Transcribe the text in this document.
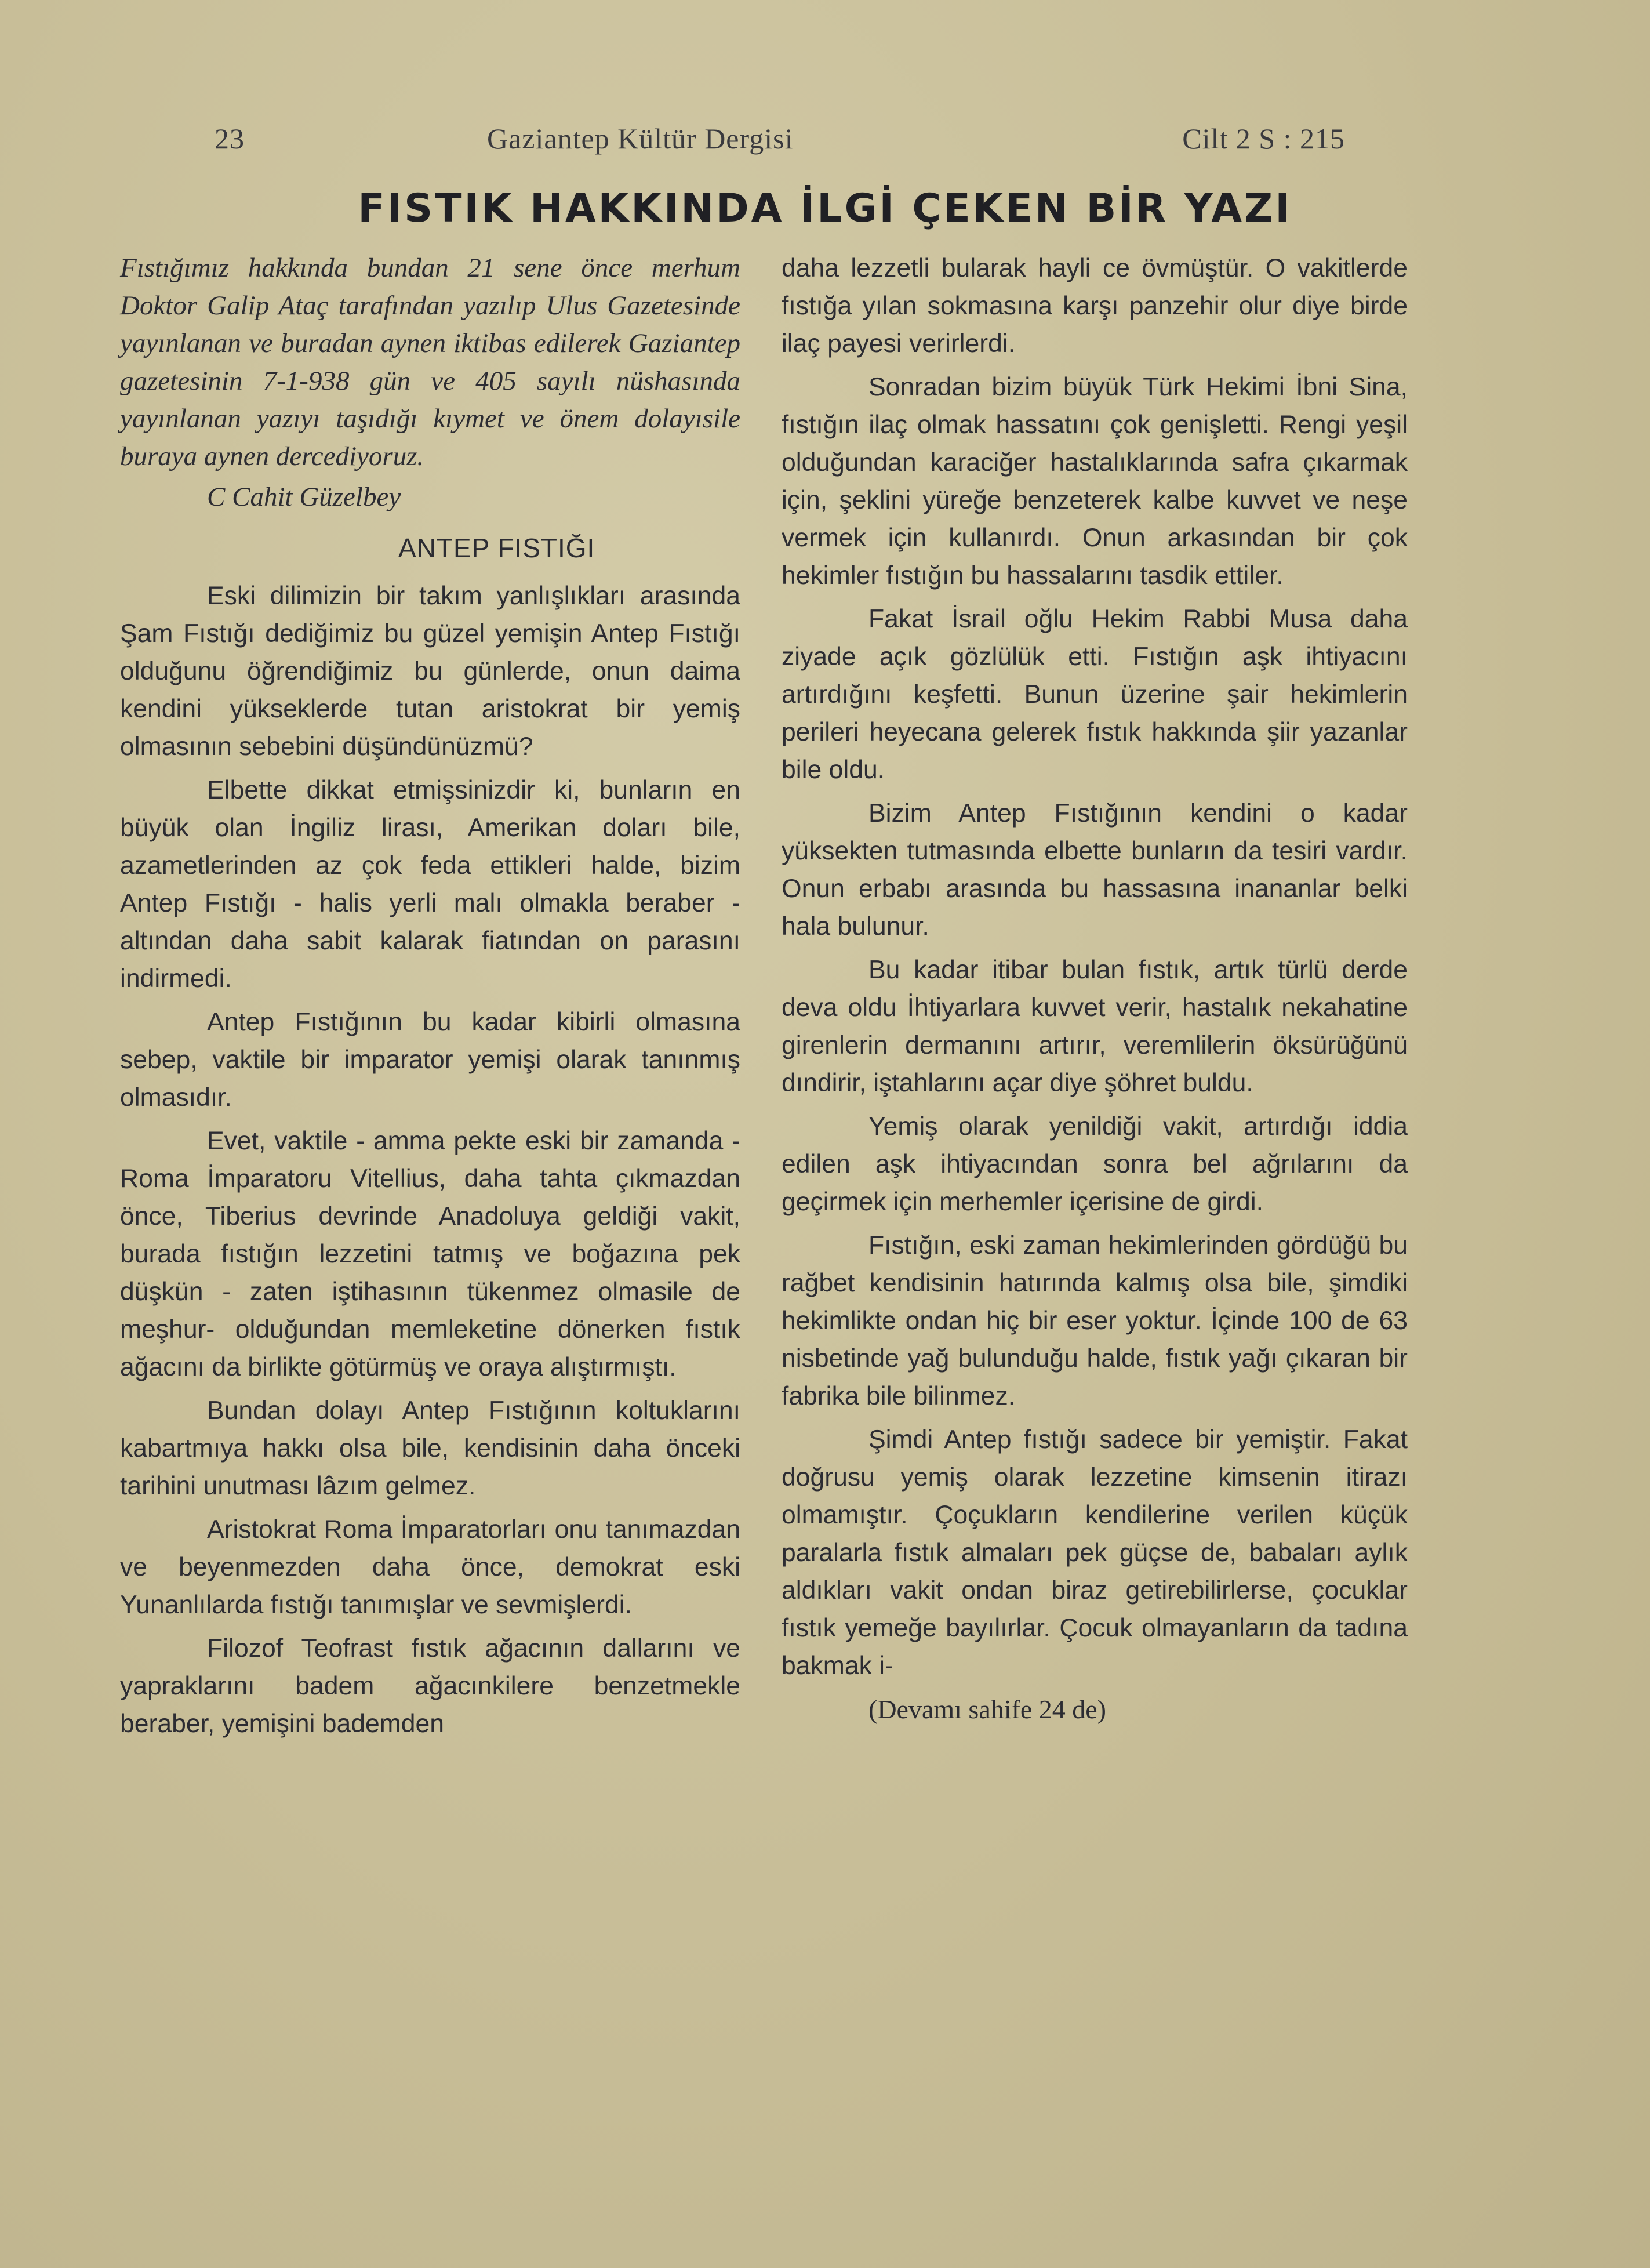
23	Gaziantep Kültür Dergisi	Cilt 2 S : 215
FISTIK HAKKINDA İLGİ ÇEKEN BİR YAZI

Fıstığımız hakkında bundan 21 sene önce merhum Doktor Galip Ataç tarafından yazılıp Ulus Gazetesinde yayınlanan ve buradan aynen iktibas edilerek Gaziantep gazetesinin 7-1-938 gün ve 405 sayılı nüshasında yayınlanan yazıyı taşıdığı kıymet ve önem dolayısile buraya aynen dercediyoruz.

C Cahit Güzelbey

ANTEP FISTIĞI

Eski dilimizin bir takım yanlışlıkları arasında Şam Fıstığı dediğimiz bu güzel yemişin Antep Fıstığı olduğunu öğrendiğimiz bu günlerde, onun daima kendini yükseklerde tutan aristokrat bir yemiş olmasının sebebini düşündünüzmü?

Elbette dikkat etmişsinizdir ki, bunların en büyük olan İngiliz lirası, Amerikan doları bile, azametlerinden az çok feda ettikleri halde, bizim Antep Fıstığı - halis yerli malı olmakla beraber - altından daha sabit kalarak fiatından on parasını indirmedi.

Antep Fıstığının bu kadar kibirli olmasına sebep, vaktile bir imparator yemişi olarak tanınmış olmasıdır.

Evet, vaktile - amma pekte eski bir zamanda - Roma İmparatoru Vitellius, daha tahta çıkmazdan önce, Tiberius devrinde Anadoluya geldiği vakit, burada fıstığın lezzetini tatmış ve boğazına pek düşkün - zaten iştihasının tükenmez olmasile de meşhur- olduğundan memleketine dönerken fıstık ağacını da birlikte götürmüş ve oraya alıştırmıştı.

Bundan dolayı Antep Fıstığının koltuklarını kabartmıya hakkı olsa bile, kendisinin daha önceki tarihini unutması lâzım gelmez.

Aristokrat Roma İmparatorları onu tanımazdan ve beyenmezden daha önce, demokrat eski Yunanlılarda fıstığı tanımışlar ve sevmişlerdi.

Filozof Teofrast fıstık ağacının dallarını ve yapraklarını badem ağacınkilere benzetmekle beraber, yemişini bademden

daha lezzetli bularak hayli ce övmüştür. O vakitlerde fıstığa yılan sokmasına karşı panzehir olur diye birde ilaç payesi verirlerdi.

Sonradan bizim büyük Türk Hekimi İbni Sina, fıstığın ilaç olmak hassatını çok genişletti. Rengi yeşil olduğundan karaciğer hastalıklarında safra çıkarmak için, şeklini yüreğe benzeterek kalbe kuvvet ve neşe vermek için kullanırdı. Onun arkasından bir çok hekimler fıstığın bu hassalarını tasdik ettiler.

Fakat İsrail oğlu Hekim Rabbi Musa daha ziyade açık gözlülük etti. Fıstığın aşk ihtiyacını artırdığını keşfetti. Bunun üzerine şair hekimlerin perileri heyecana gelerek fıstık hakkında şiir yazanlar bile oldu.

Bizim Antep Fıstığının kendini o kadar yüksekten tutmasında elbette bunların da tesiri vardır. Onun erbabı arasında bu hassasına inananlar belki hala bulunur.

Bu kadar itibar bulan fıstık, artık türlü derde deva oldu İhtiyarlara kuvvet verir, hastalık nekahatine girenlerin dermanını artırır, veremlilerin öksürüğünü dındirir, iştahlarını açar diye şöhret buldu.

Yemiş olarak yenildiği vakit, artırdığı iddia edilen aşk ihtiyacından sonra bel ağrılarını da geçirmek için merhemler içerisine de girdi.

Fıstığın, eski zaman hekimlerinden gördüğü bu rağbet kendisinin hatırında kalmış olsa bile, şimdiki hekimlikte ondan hiç bir eser yoktur. İçinde 100 de 63 nisbetinde yağ bulunduğu halde, fıstık yağı çıkaran bir fabrika bile bilinmez.

Şimdi Antep fıstığı sadece bir yemiştir. Fakat doğrusu yemiş olarak lezzetine kimsenin itirazı olmamıştır. Çoçukların kendilerine verilen küçük paralarla fıstık almaları pek güçse de, babaları aylık aldıkları vakit ondan biraz getirebilirlerse, çocuklar fıstık yemeğe bayılırlar. Çocuk olmayanların da tadına bakmak i-

(Devamı sahife 24 de)
